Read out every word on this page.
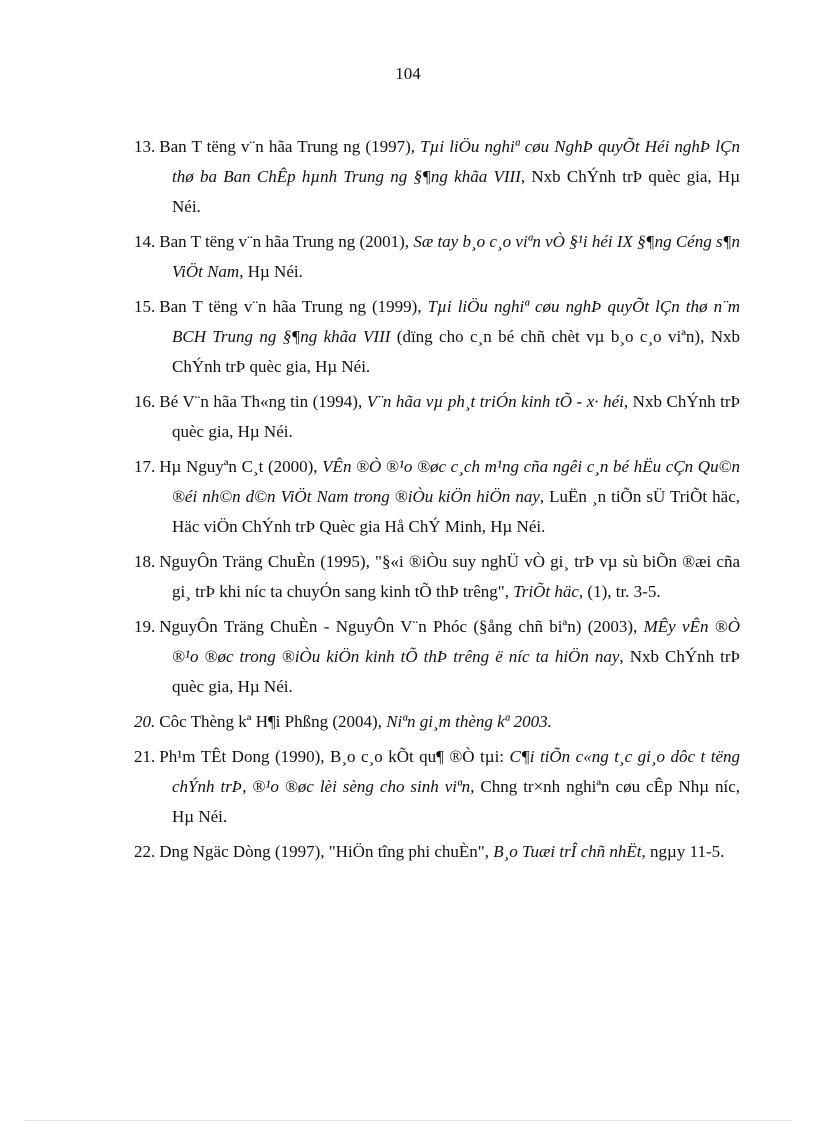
104
13. Ban T tëng v¨n hãa Trung ng (1997), Tµi liÖu nghiª cøu NghÞ quyÕt Héi nghÞ lÇn thø ba Ban ChÊp hµnh Trung ng §¶ng khãa VIII, Nxb ChÝnh trÞ quèc gia, Hµ Néi.
14. Ban T tëng v¨n hãa Trung ng (2001), Sæ tay b¸o c¸o viªn vÒ §¹i héi IX §¶ng Céng s¶n ViÖt Nam, Hµ Néi.
15. Ban T tëng v¨n hãa Trung ng (1999), Tµi liÖu nghiª cøu nghÞ quyÕt lÇn thø n¨m BCH Trung ng §¶ng khãa VIII (dïng cho c¸n bé chñ chèt vµ b¸o c¸o viªn), Nxb ChÝnh trÞ quèc gia, Hµ Néi.
16. Bé V¨n hãa Th«ng tin (1994), V¨n hãa vµ ph¸t triÓn kinh tÕ - x· héi, Nxb ChÝnh trÞ quèc gia, Hµ Néi.
17. Hµ Nguyªn C¸t (2000), VÊn ®Ò ®¹o ®øc c¸ch m¹ng cña ngêi c¸n bé hËu cÇn Qu©n ®éi nh©n d©n ViÖt Nam trong ®iÒu kiÖn hiÖn nay, LuËn ¸n tiÕn sÜ TriÕt häc, Häc viÖn ChÝnh trÞ Quèc gia Hå ChÝ Minh, Hµ Néi.
18. NguyÔn Träng ChuÈn (1995), "§«i ®iÒu suy nghÜ vÒ gi¸ trÞ vµ sù biÕn ®æi cña gi¸ trÞ khi níc ta chuyÓn sang kinh tÕ thÞ trêng", TriÕt häc, (1), tr. 3-5.
19. NguyÔn Träng ChuÈn - NguyÔn V¨n Phóc (§ång chñ biªn) (2003), MÊy vÊn ®Ò ®¹o ®øc trong ®iÒu kiÖn kinh tÕ thÞ trêng ë níc ta hiÖn nay, Nxb ChÝnh trÞ quèc gia, Hµ Néi.
20. Côc Thèng kª H¶i Phßng (2004), Niªn gi¸m thèng kª 2003.
21. Ph¹m TÊt Dong (1990), B¸o c¸o kÕt qu¶ ®Ò tµi: C¶i tiÕn c«ng t¸c gi¸o dôc t tëng chÝnh trÞ, ®¹o ®øc lèi sèng cho sinh viªn, Chng tr×nh nghiªn cøu cÊp Nhµ níc, Hµ Néi.
22. Dng Ngäc Dòng (1997), "HiÖn tîng phi chuÈn", B¸o Tuæi trÎ chñ nhËt, ngµy 11-5.
